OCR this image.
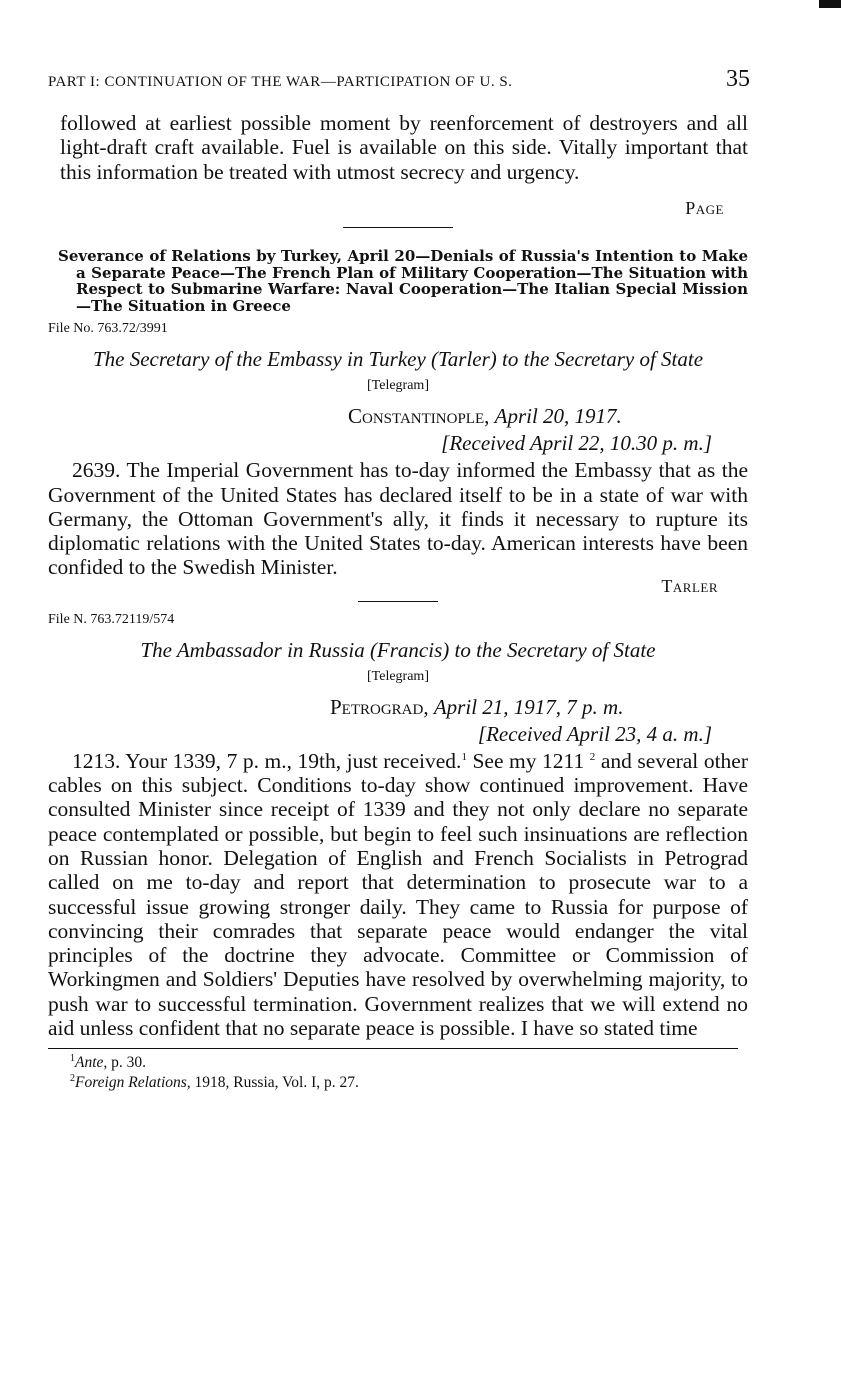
PART I: CONTINUATION OF THE WAR—PARTICIPATION OF U. S.	35

followed at earliest possible moment by reenforcement of destroyers and all light-draft craft available. Fuel is available on this side. Vitally important that this information be treated with utmost secrecy and urgency.

Page

Severance of Relations by Turkey, April 20—Denials of Russia's Intention to Make a Separate Peace—The French Plan of Military Cooperation—The Situation with Respect to Submarine Warfare: Naval Cooperation—The Italian Special Mission—The Situation in Greece

File No. 763.72/3991

The Secretary of the Embassy in Turkey (Tarler) to the Secretary of State

[Telegram]

Constantinople, April 20, 1917.

[Received April 22, 10.30 p. m.]

2639. The Imperial Government has to-day informed the Embassy that as the Government of the United States has declared itself to be in a state of war with Germany, the Ottoman Government's ally, it finds it necessary to rupture its diplomatic relations with the United States to-day. American interests have been confided to the Swedish Minister.

Tarler

File N. 763.72119/574

The Ambassador in Russia (Francis) to the Secretary of State

[Telegram]

Petrograd, April 21, 1917, 7 p. m.

[Received April 23, 4 a. m.]

1213. Your 1339, 7 p. m., 19th, just received.$^1$ See my 1211 $^2$ and several other cables on this subject. Conditions to-day show continued improvement. Have consulted Minister since receipt of 1339 and they not only declare no separate peace contemplated or possible, but begin to feel such insinuations are reflection on Russian honor. Delegation of English and French Socialists in Petrograd called on me to-day and report that determination to prosecute war to a successful issue growing stronger daily. They came to Russia for purpose of convincing their comrades that separate peace would endanger the vital principles of the doctrine they advocate. Committee or Commission of Workingmen and Soldiers' Deputies have resolved by overwhelming majority, to push war to successful termination. Government realizes that we will extend no aid unless confident that no separate peace is possible. I have so stated time

$^1$Ante, p. 30.
$^2$Foreign Relations, 1918, Russia, Vol. I, p. 27.
